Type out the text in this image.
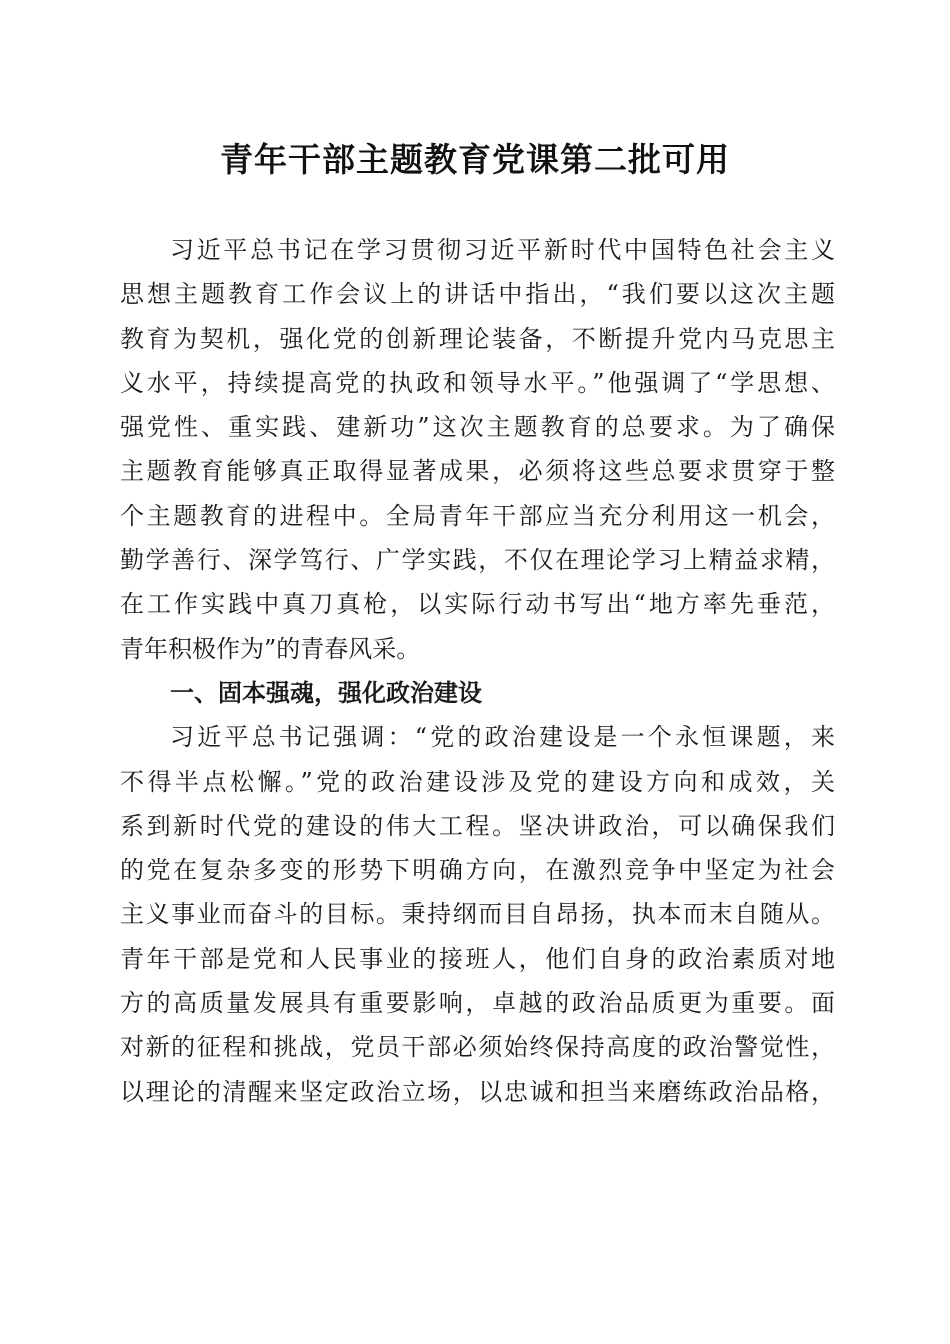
青年干部主题教育党课第二批可用
习近平总书记在学习贯彻习近平新时代中国特色社会主义
思想主题教育工作会议上的讲话中指出，“我们要以这次主题
教育为契机，强化党的创新理论装备，不断提升党内马克思主
义水平，持续提高党的执政和领导水平。”他强调了“学思想、
强党性、重实践、建新功”这次主题教育的总要求。为了确保
主题教育能够真正取得显著成果，必须将这些总要求贯穿于整
个主题教育的进程中。全局青年干部应当充分利用这一机会，
勤学善行、深学笃行、广学实践，不仅在理论学习上精益求精，
在工作实践中真刀真枪，以实际行动书写出“地方率先垂范，
青年积极作为”的青春风采。
一、固本强魂，强化政治建设
习近平总书记强调：“党的政治建设是一个永恒课题，来
不得半点松懈。”党的政治建设涉及党的建设方向和成效，关
系到新时代党的建设的伟大工程。坚决讲政治，可以确保我们
的党在复杂多变的形势下明确方向，在激烈竞争中坚定为社会
主义事业而奋斗的目标。秉持纲而目自昂扬，执本而末自随从。
青年干部是党和人民事业的接班人，他们自身的政治素质对地
方的高质量发展具有重要影响，卓越的政治品质更为重要。面
对新的征程和挑战，党员干部必须始终保持高度的政治警觉性，
以理论的清醒来坚定政治立场，以忠诚和担当来磨练政治品格，
